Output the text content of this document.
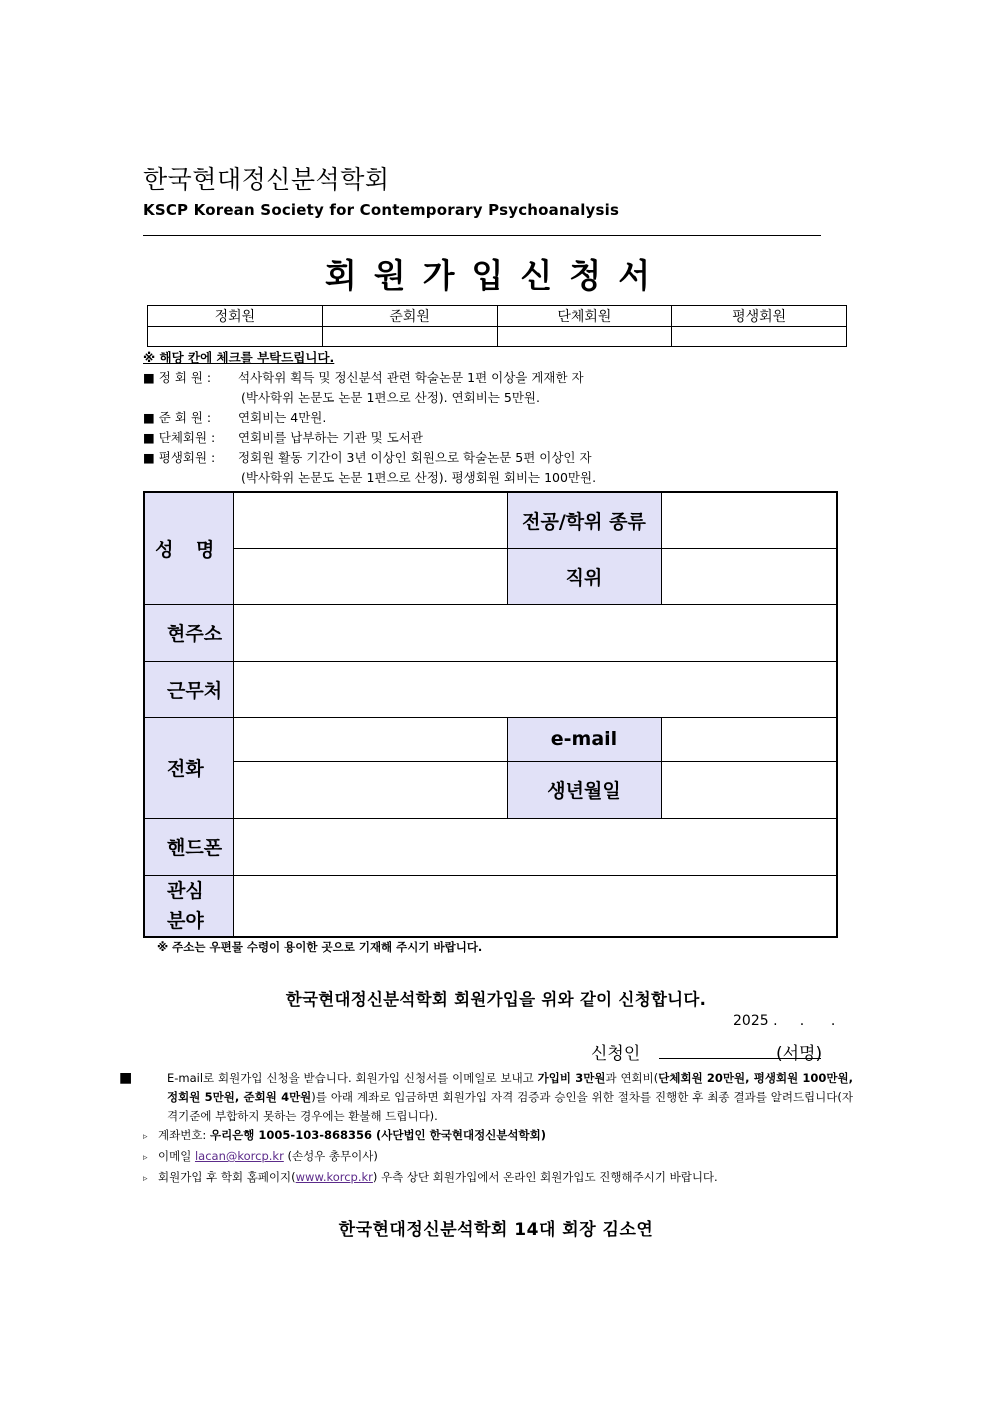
한국현대정신분석학회
KSCP Korean Society for Contemporary Psychoanalysis
회원가입신청서
정회원	준회원	단체회원	평생회원

※ 해당 칸에 체크를 부탁드립니다.
■ 정 회 원 : 석사학위 획득 및 정신분석 관련 학술논문 1편 이상을 게재한 자
(박사학위 논문도 논문 1편으로 산정). 연회비는 5만원.
■ 준 회 원 : 연회비는 4만원.
■ 단체회원 : 연회비를 납부하는 기관 및 도서관
■ 평생회원 : 정회원 활동 기간이 3년 이상인 회원으로 학술논문 5편 이상인 자
(박사학위 논문도 논문 1편으로 산정). 평생회원 회비는 100만원.
성 명		전공/학위 종류	
		직위	
현주소			
근무처			
전화		e-mail	
		생년월일	
핸드폰			

관심
분야			

※ 주소는 우편물 수령이 용이한 곳으로 기재해 주시기 바랍니다.
한국현대정신분석학회 회원가입을 위와 같이 신청합니다.
2025 .     .      .
신청인	(서명)
■	E-mail로 회원가입 신청을 받습니다. 회원가입 신청서를 이메일로 보내고 가입비 3만원과 연회비(단체회원 20만원, 평생회원 100만원, 정회원 5만원, 준회원 4만원)를 아래 계좌로 입금하면 회원가입 자격 검증과 승인을 위한 절차를 진행한 후 최종 결과를 알려드립니다(자격기준에 부합하지 못하는 경우에는 환불해 드립니다).
▹ 계좌번호: 우리은행 1005-103-868356 (사단법인 한국현대정신분석학회)
▹ 이메일 lacan@korcp.kr (손성우 총무이사)
▹ 회원가입 후 학회 홈페이지(www.korcp.kr) 우측 상단 회원가입에서 온라인 회원가입도 진행해주시기 바랍니다.
한국현대정신분석학회 14대 회장 김소연
